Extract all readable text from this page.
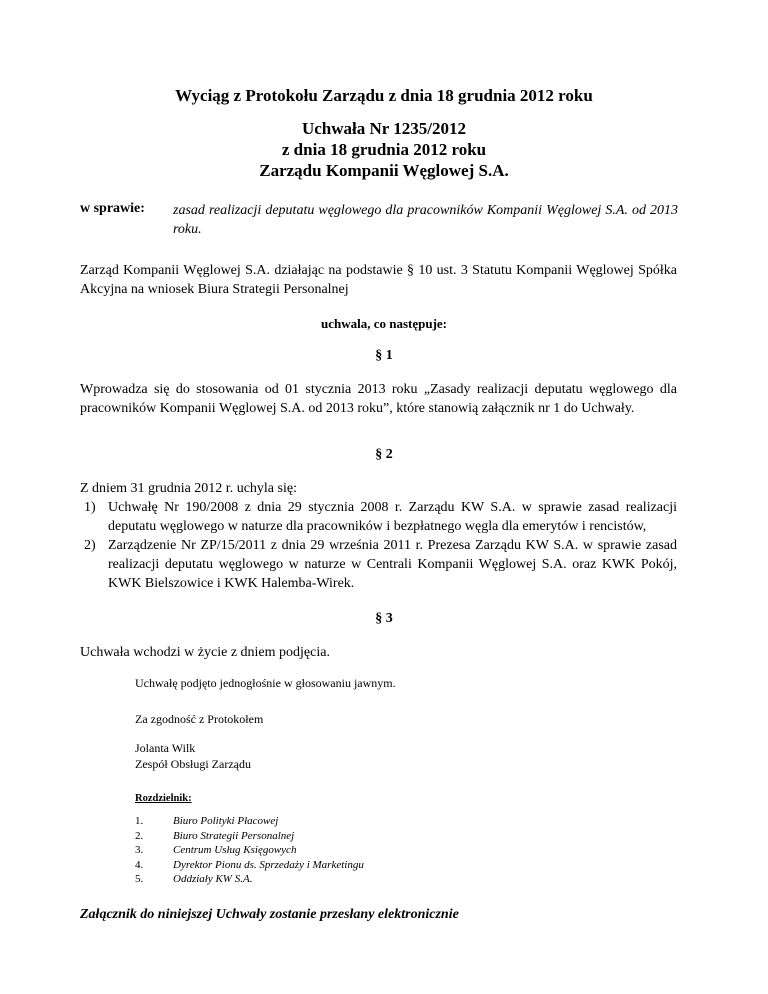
Wyciąg z Protokołu Zarządu z dnia 18 grudnia 2012 roku
Uchwała Nr 1235/2012
z dnia 18 grudnia 2012 roku
Zarządu Kompanii Węglowej S.A.
w sprawie: zasad realizacji deputatu węglowego dla pracowników Kompanii Węglowej S.A. od 2013 roku.
Zarząd Kompanii Węglowej S.A. działając na podstawie § 10 ust. 3 Statutu Kompanii Węglowej Spółka Akcyjna na wniosek Biura Strategii Personalnej
uchwala, co następuje:
§ 1
Wprowadza się do stosowania od 01 stycznia 2013 roku „Zasady realizacji deputatu węglowego dla pracowników Kompanii Węglowej S.A. od 2013 roku”, które stanowią załącznik nr 1 do Uchwały.
§ 2
Z dniem 31 grudnia 2012 r. uchyla się:
1) Uchwałę Nr 190/2008 z dnia 29 stycznia 2008 r. Zarządu KW S.A. w sprawie zasad realizacji deputatu węglowego w naturze dla pracowników i bezpłatnego węgla dla emerytów i rencistów,
2) Zarządzenie Nr ZP/15/2011 z dnia 29 września 2011 r. Prezesa Zarządu KW S.A. w sprawie zasad realizacji deputatu węglowego w naturze w Centrali Kompanii Węglowej S.A. oraz KWK Pokój, KWK Bielszowice i KWK Halemba-Wirek.
§ 3
Uchwała wchodzi w życie z dniem podjęcia.
Uchwałę podjęto jednogłośnie w głosowaniu jawnym.
Za zgodność z Protokołem
Jolanta Wilk
Zespół Obsługi Zarządu
Rozdzielnik:
1.	Biuro Polityki Płacowej
2.	Biuro Strategii Personalnej
3.	Centrum Usług Księgowych
4.	Dyrektor Pionu ds. Sprzedaży i Marketingu
5.	Oddziały KW S.A.
Załącznik do niniejszej Uchwały zostanie przesłany elektronicznie
